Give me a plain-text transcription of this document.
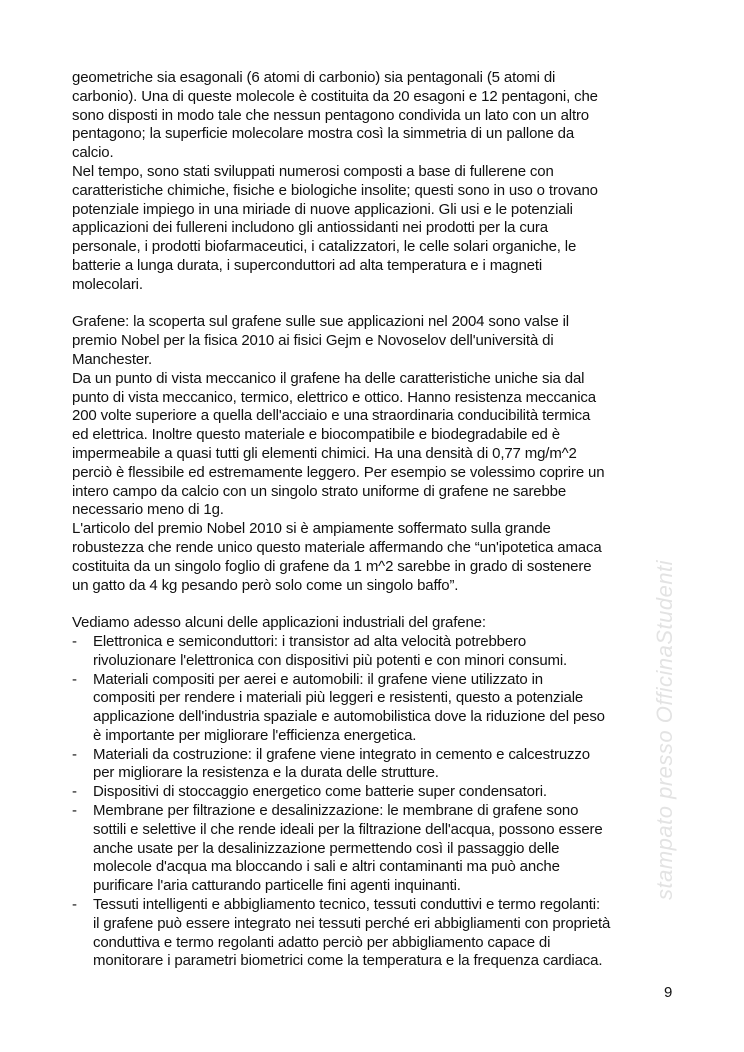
geometriche sia esagonali (6 atomi di carbonio) sia pentagonali (5 atomi di
carbonio). Una di queste molecole è costituita da 20 esagoni e 12 pentagoni, che
sono disposti in modo tale che nessun pentagono condivida un lato con un altro
pentagono; la superficie molecolare mostra così la simmetria di un pallone da
calcio.
Nel tempo, sono stati sviluppati numerosi composti a base di fullerene con
caratteristiche chimiche, fisiche e biologiche insolite; questi sono in uso o trovano
potenziale impiego in una miriade di nuove applicazioni. Gli usi e le potenziali
applicazioni dei fullereni includono gli antiossidanti nei prodotti per la cura
personale, i prodotti biofarmaceutici, i catalizzatori, le celle solari organiche, le
batterie a lunga durata, i superconduttori ad alta temperatura e i magneti
molecolari.
Grafene: la scoperta sul grafene sulle sue applicazioni nel 2004 sono valse il
premio Nobel per la fisica 2010 ai fisici Gejm e Novoselov dell'università di
Manchester.
Da un punto di vista meccanico il grafene ha delle caratteristiche uniche sia dal
punto di vista meccanico, termico, elettrico e ottico. Hanno resistenza meccanica
200 volte superiore a quella dell'acciaio e una straordinaria conducibilità termica
ed elettrica. Inoltre questo materiale e biocompatibile e biodegradabile ed è
impermeabile a quasi tutti gli elementi chimici. Ha una densità di 0,77 mg/m^2
perciò è flessibile ed estremamente leggero. Per esempio se volessimo coprire un
intero campo da calcio con un singolo strato uniforme di grafene ne sarebbe
necessario meno di 1g.
L'articolo del premio Nobel 2010 si è ampiamente soffermato sulla grande
robustezza che rende unico questo materiale affermando che “un'ipotetica amaca
costituita da un singolo foglio di grafene da 1 m^2 sarebbe in grado di sostenere
un gatto da 4 kg pesando però solo come un singolo baffo”.
Vediamo adesso alcuni delle applicazioni industriali del grafene:
- Elettronica e semiconduttori: i transistor ad alta velocità potrebbero
rivoluzionare l'elettronica con dispositivi più potenti e con minori consumi.
- Materiali compositi per aerei e automobili: il grafene viene utilizzato in
compositi per rendere i materiali più leggeri e resistenti, questo a potenziale
applicazione dell'industria spaziale e automobilistica dove la riduzione del peso
è importante per migliorare l'efficienza energetica.
- Materiali da costruzione: il grafene viene integrato in cemento e calcestruzzo
per migliorare la resistenza e la durata delle strutture.
- Dispositivi di stoccaggio energetico come batterie super condensatori.
- Membrane per filtrazione e desalinizzazione: le membrane di grafene sono
sottili e selettive il che rende ideali per la filtrazione dell'acqua, possono essere
anche usate per la desalinizzazione permettendo così il passaggio delle
molecole d'acqua ma bloccando i sali e altri contaminanti ma può anche
purificare l'aria catturando particelle fini agenti inquinanti.
- Tessuti intelligenti e abbigliamento tecnico, tessuti conduttivi e termo regolanti:
il grafene può essere integrato nei tessuti perché eri abbigliamenti con proprietà
conduttiva e termo regolanti adatto perciò per abbigliamento capace di
monitorare i parametri biometrici come la temperatura e la frequenza cardiaca.
9
stampato presso OfficinaStudenti
